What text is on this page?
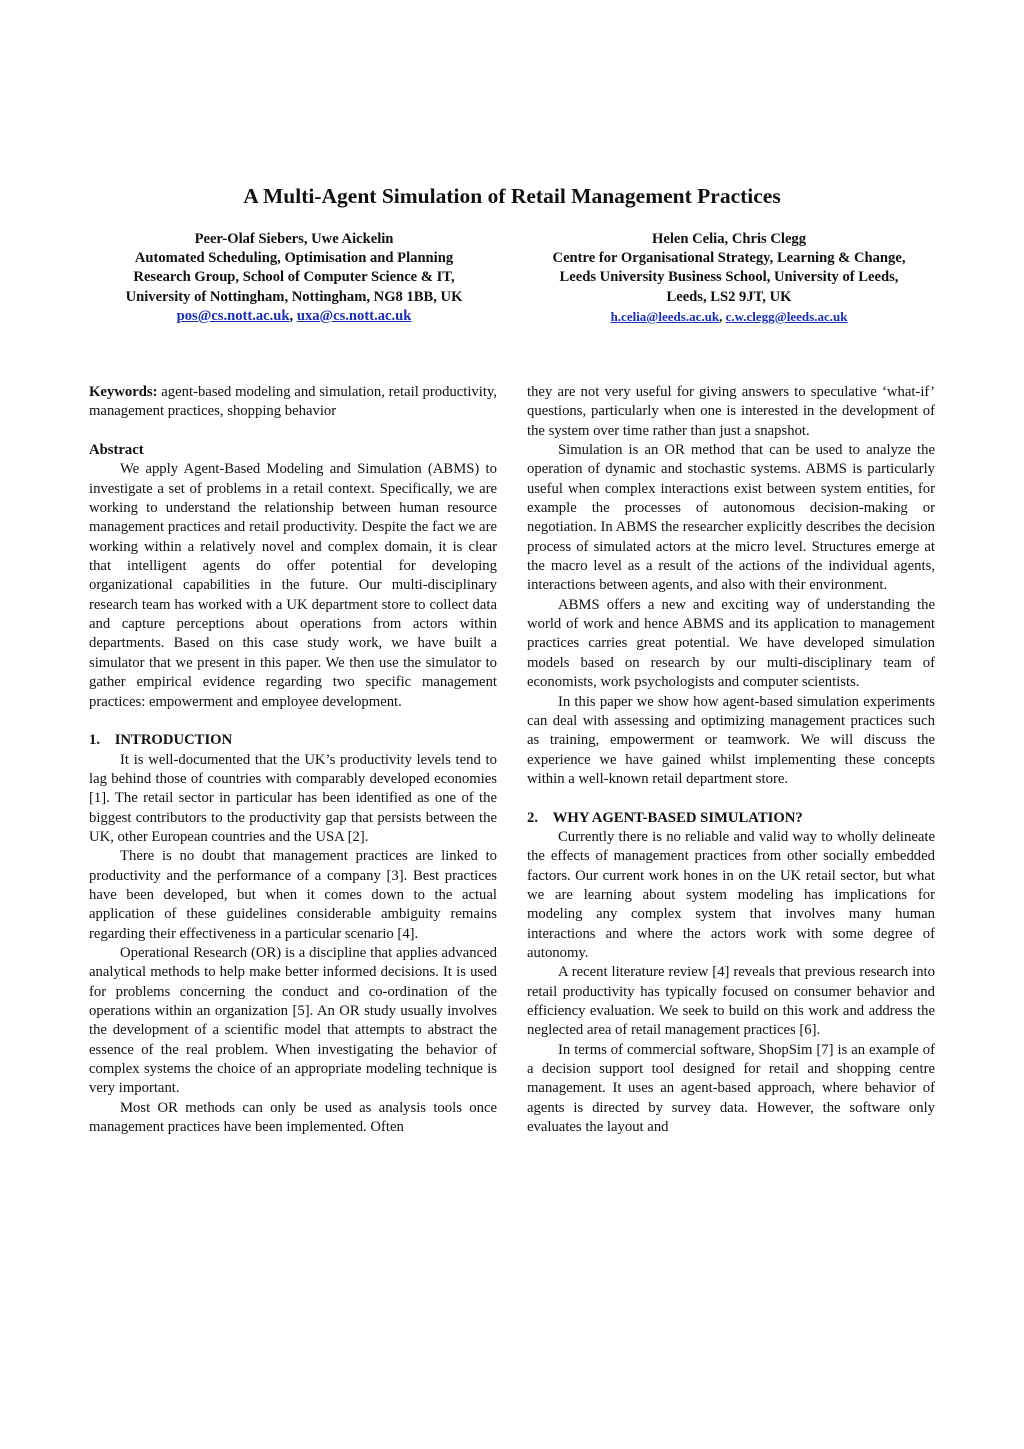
A Multi-Agent Simulation of Retail Management Practices
Peer-Olaf Siebers, Uwe Aickelin
Automated Scheduling, Optimisation and Planning
Research Group, School of Computer Science & IT,
University of Nottingham, Nottingham, NG8 1BB, UK
pos@cs.nott.ac.uk, uxa@cs.nott.ac.uk
Helen Celia, Chris Clegg
Centre for Organisational Strategy, Learning & Change,
Leeds University Business School, University of Leeds,
Leeds, LS2 9JT, UK
h.celia@leeds.ac.uk, c.w.clegg@leeds.ac.uk

Keywords: agent-based modeling and simulation, retail productivity, management practices, shopping behavior

Abstract

We apply Agent-Based Modeling and Simulation (ABMS) to investigate a set of problems in a retail context. Specifically, we are working to understand the relationship between human resource management practices and retail productivity. Despite the fact we are working within a relatively novel and complex domain, it is clear that intelligent agents do offer potential for developing organizational capabilities in the future. Our multi-disciplinary research team has worked with a UK department store to collect data and capture perceptions about operations from actors within departments. Based on this case study work, we have built a simulator that we present in this paper. We then use the simulator to gather empirical evidence regarding two specific management practices: empowerment and employee development.

1.    INTRODUCTION

It is well-documented that the UK’s productivity levels tend to lag behind those of countries with comparably developed economies [1]. The retail sector in particular has been identified as one of the biggest contributors to the productivity gap that persists between the UK, other European countries and the USA [2].

There is no doubt that management practices are linked to productivity and the performance of a company [3]. Best practices have been developed, but when it comes down to the actual application of these guidelines considerable ambiguity remains regarding their effectiveness in a particular scenario [4].

Operational Research (OR) is a discipline that applies advanced analytical methods to help make better informed decisions. It is used for problems concerning the conduct and co-ordination of the operations within an organization [5]. An OR study usually involves the development of a scientific model that attempts to abstract the essence of the real problem. When investigating the behavior of complex systems the choice of an appropriate modeling technique is very important.

Most OR methods can only be used as analysis tools once management practices have been implemented. Often

they are not very useful for giving answers to speculative ‘what-if’ questions, particularly when one is interested in the development of the system over time rather than just a snapshot.

Simulation is an OR method that can be used to analyze the operation of dynamic and stochastic systems. ABMS is particularly useful when complex interactions exist between system entities, for example the processes of autonomous decision-making or negotiation. In ABMS the researcher explicitly describes the decision process of simulated actors at the micro level. Structures emerge at the macro level as a result of the actions of the individual agents, interactions between agents, and also with their environment.

ABMS offers a new and exciting way of understanding the world of work and hence ABMS and its application to management practices carries great potential. We have developed simulation models based on research by our multi-disciplinary team of economists, work psychologists and computer scientists.

In this paper we show how agent-based simulation experiments can deal with assessing and optimizing management practices such as training, empowerment or teamwork. We will discuss the experience we have gained whilst implementing these concepts within a well-known retail department store.

2.    WHY AGENT-BASED SIMULATION?

Currently there is no reliable and valid way to wholly delineate the effects of management practices from other socially embedded factors. Our current work hones in on the UK retail sector, but what we are learning about system modeling has implications for modeling any complex system that involves many human interactions and where the actors work with some degree of autonomy.

A recent literature review [4] reveals that previous research into retail productivity has typically focused on consumer behavior and efficiency evaluation. We seek to build on this work and address the neglected area of retail management practices [6].

In terms of commercial software, ShopSim [7] is an example of a decision support tool designed for retail and shopping centre management. It uses an agent-based approach, where behavior of agents is directed by survey data. However, the software only evaluates the layout and
